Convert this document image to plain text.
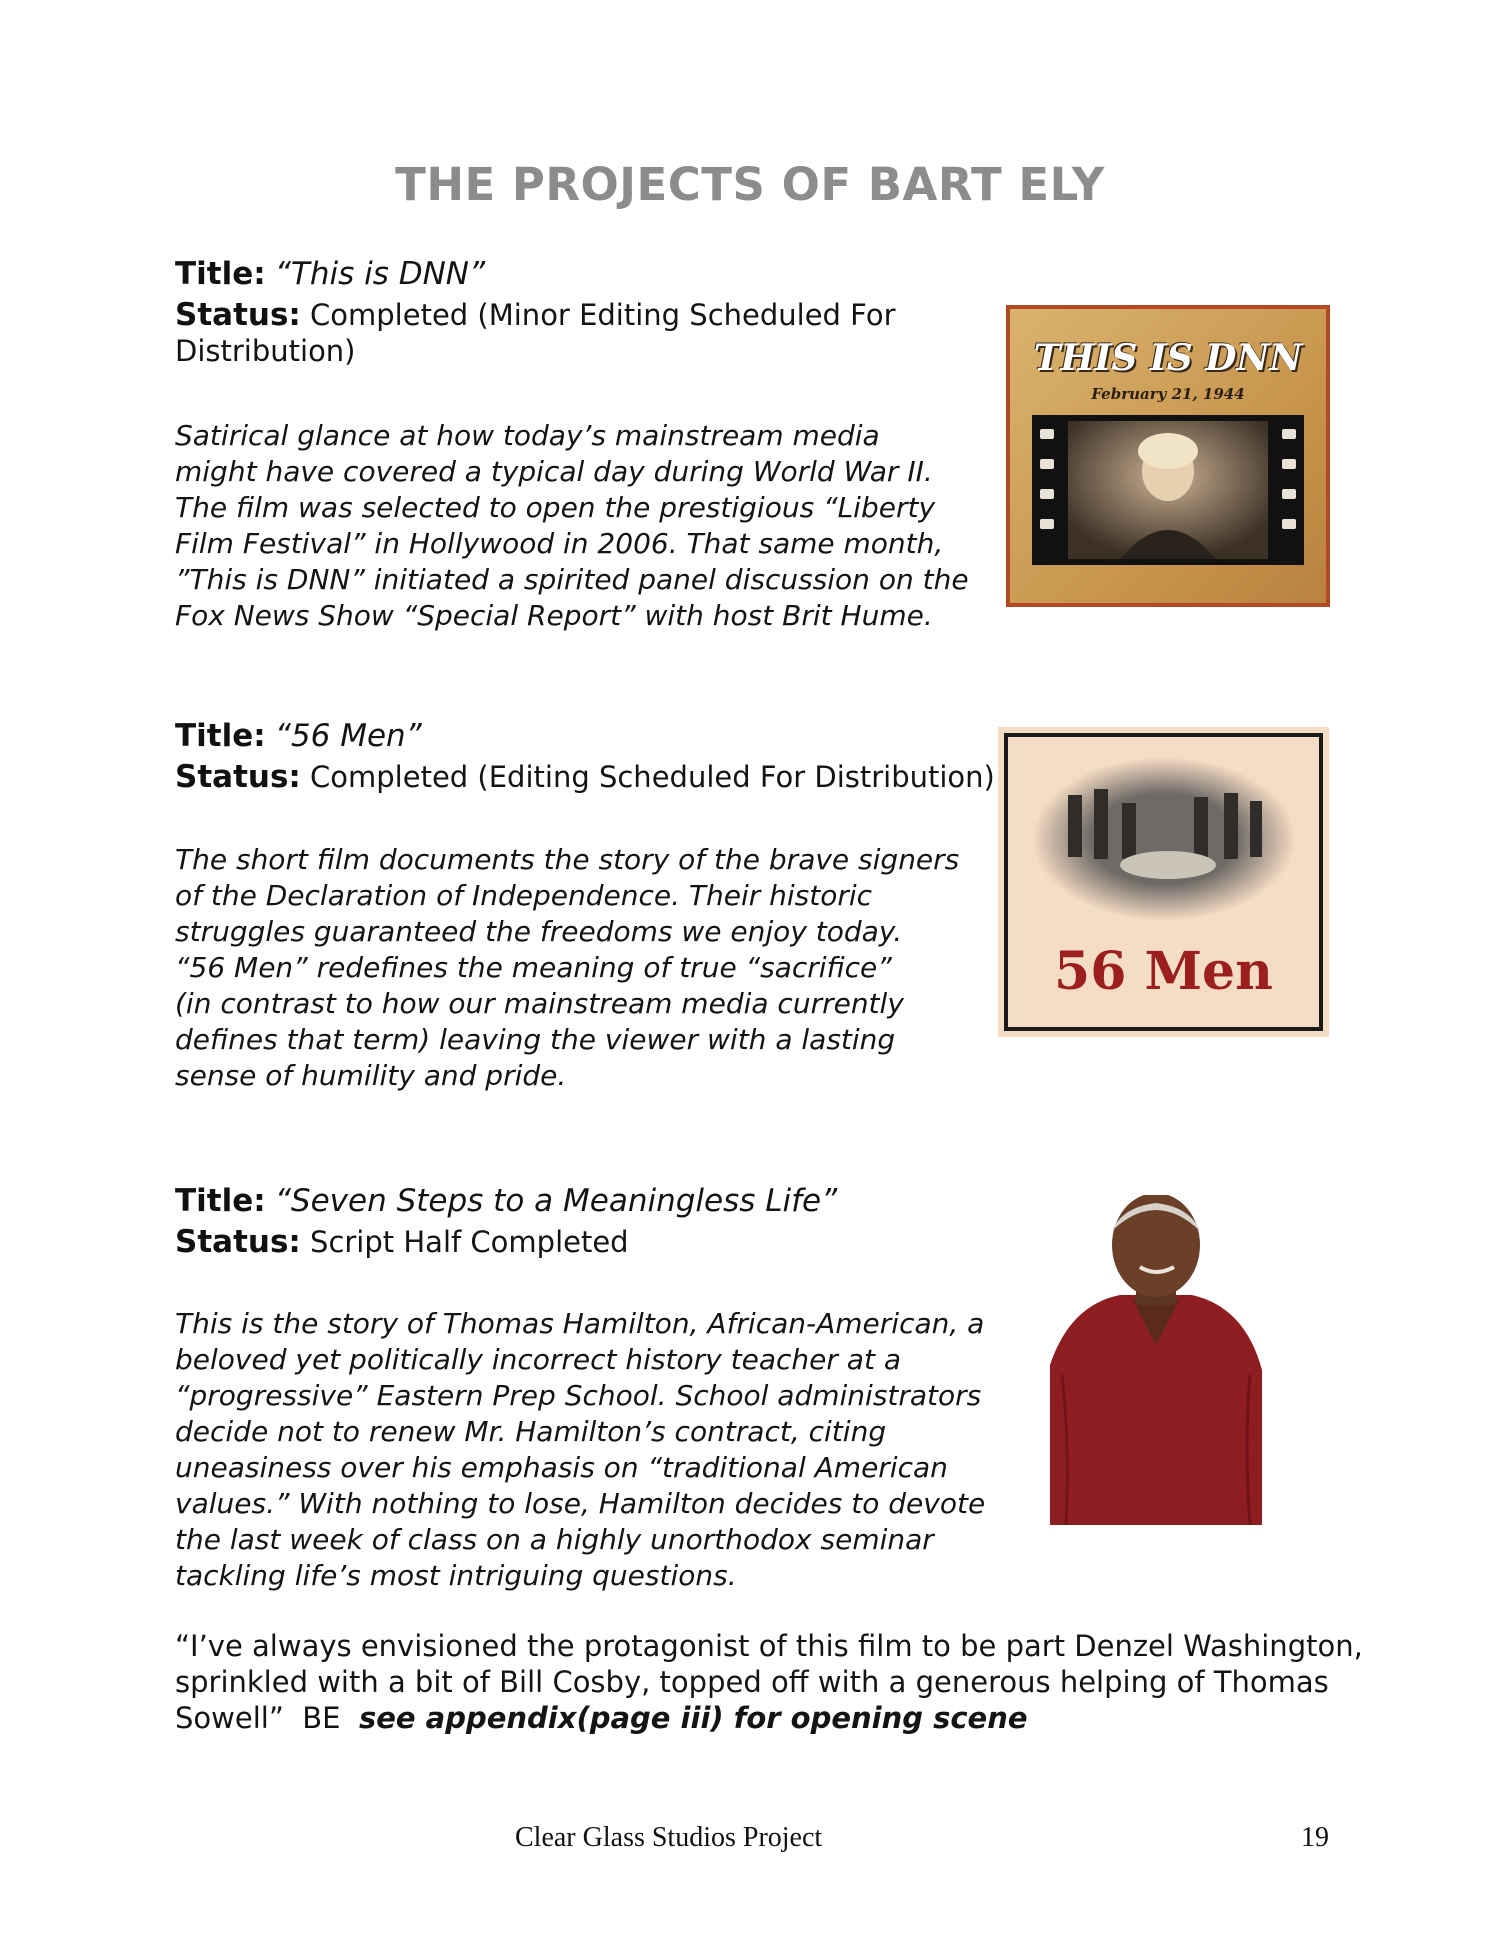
THE PROJECTS OF BART ELY
Title: “This is DNN”
Status: Completed (Minor Editing Scheduled For
Distribution)
Satirical glance at how today’s mainstream media
might have covered a typical day during World War II.
The film was selected to open the prestigious “Liberty
Film Festival” in Hollywood in 2006. That same month,
”This is DNN” initiated a spirited panel discussion on the
Fox News Show “Special Report” with host Brit Hume.
THIS IS DNN
February 21, 1944
Title: “56 Men”
Status: Completed (Editing Scheduled For Distribution)
The short film documents the story of the brave signers
of the Declaration of Independence. Their historic
struggles guaranteed the freedoms we enjoy today.
“56 Men” redefines the meaning of true “sacrifice”
(in contrast to how our mainstream media currently
defines that term) leaving the viewer with a lasting
sense of humility and pride.
56 Men
Title: “Seven Steps to a Meaningless Life”
Status: Script Half Completed
This is the story of Thomas Hamilton, African-American, a
beloved yet politically incorrect history teacher at a
“progressive” Eastern Prep School. School administrators
decide not to renew Mr. Hamilton’s contract, citing
uneasiness over his emphasis on “traditional American
values.” With nothing to lose, Hamilton decides to devote
the last week of class on a highly unorthodox seminar
tackling life’s most intriguing questions.
“I’ve always envisioned the protagonist of this film to be part Denzel Washington,
sprinkled with a bit of Bill Cosby, topped off with a generous helping of Thomas
Sowell”  BE  see appendix(page iii) for opening scene
Clear Glass Studios Project	19
